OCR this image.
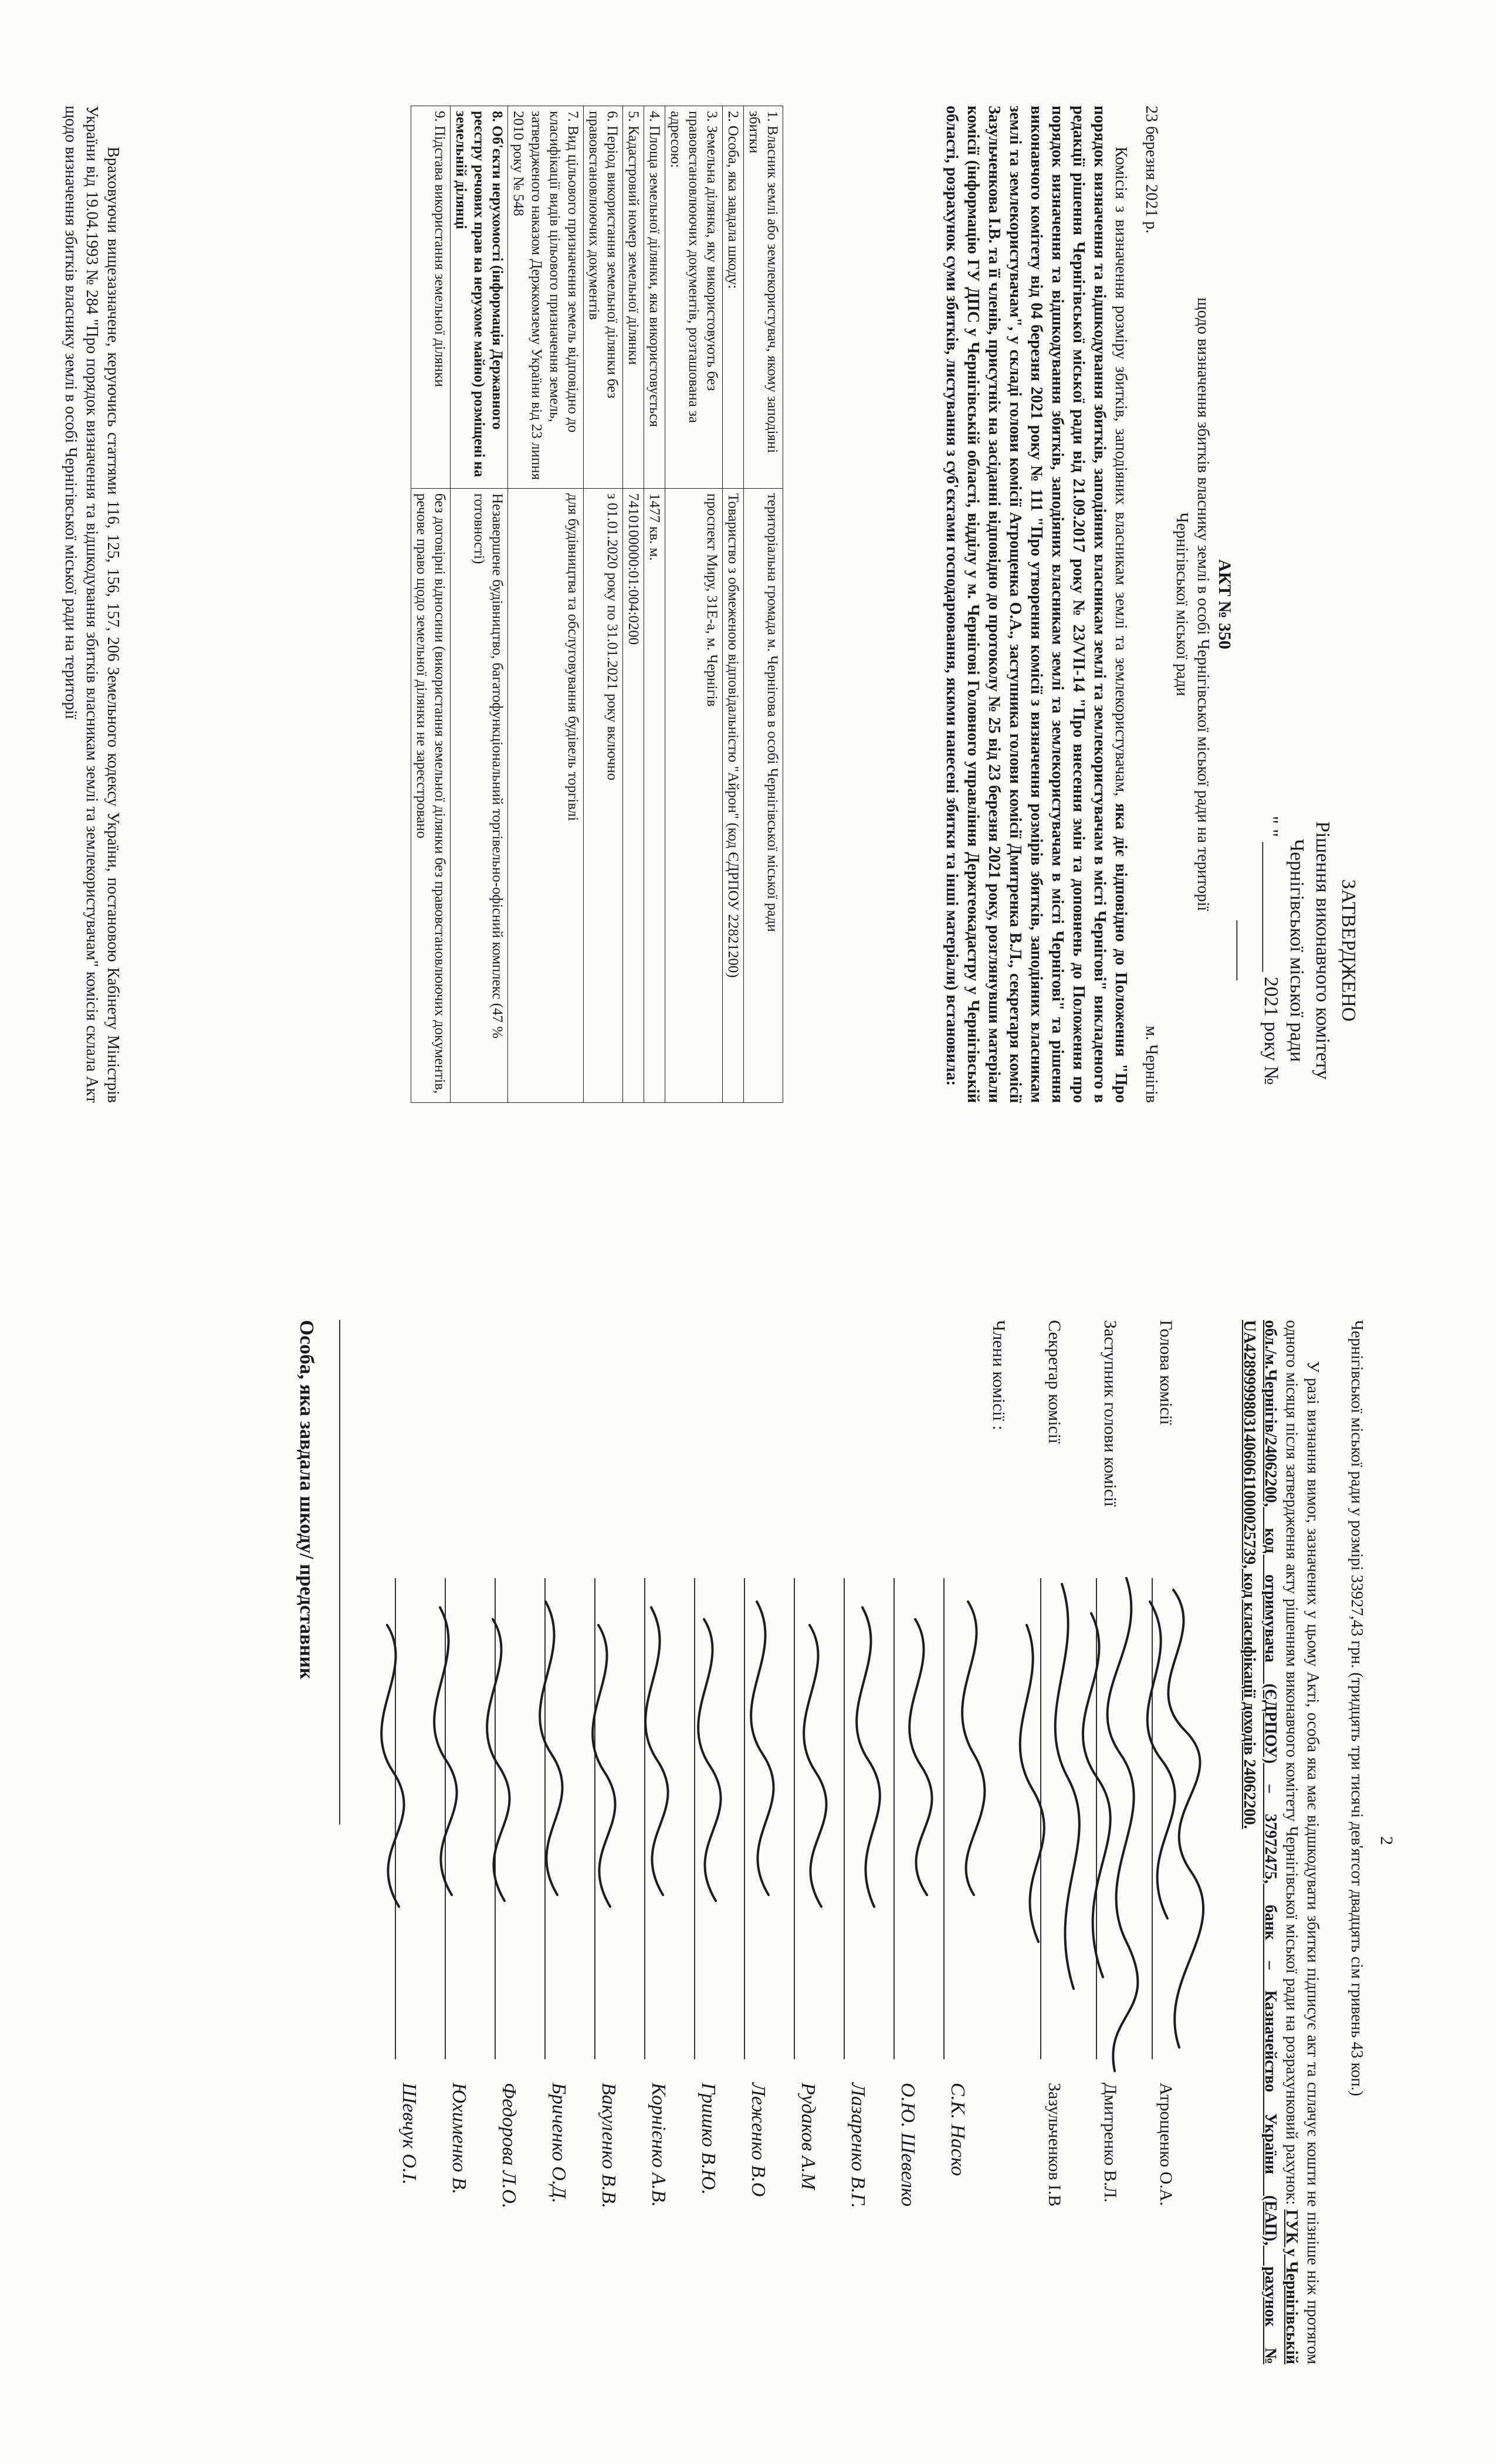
ЗАТВЕРДЖЕНО
Рішення виконавчого комітету
Чернігівської міської ради
" " _____________ 2021 року № ______
АКТ № 350
щодо визначення збитків власнику землі в особі Чернігівської міської ради на території
Чернігівської міської ради
23 березня 2021 р.
м. Чернігів
Комісія з визначення розміру збитків, заподіяних власникам землі та землекористувачам, яка діє відповідно до Положення "Про порядок визначення та відшкодування збитків, заподіяних власникам землі та землекористувачам в місті Чернігові" викладеного в редакції рішення Чернігівської міської ради від 21.09.2017 року № 23/VII-14 "Про внесення змін та доповнень до Положення про порядок визначення та відшкодування збитків, заподіяних власникам землі та землекористувачам в місті Чернігові" та рішення виконавчого комітету від 04 березня 2021 року № 111 "Про утворення комісії з визначення розмірів збитків, заподіяних власникам землі та землекористувачам", у складі голови комісії Атрощенка О.А., заступника голови комісії Дмитренка В.Л., секретаря комісії Зазульченкова І.В. та її членів, присутніх на засіданні відповідно до протоколу № 25 від 23 березня 2021 року, розглянувши матеріали комісії (інформацію ГУ ДПС у Чернігівській області, відділу у м. Чернігові Головного управління Держгеокадастру у Чернігівській області, розрахунок суми збитків, листування з суб'єктами господарювання, якими нанесені збитки та інші матеріали) встановила:
1. Власник землі або землекористувач, якому заподіяні збитки	територіальна громада м. Чернігова в особі Чернігівської міської ради
2. Особа, яка завдала шкоду:	Товариство з обмеженою відповідальністю "Айрон" (код ЄДРПОУ 22821200)
3. Земельна ділянка, яку використовують без правовстановлюючих документів, розташована за адресою:	проспект Миру, 31Е-а, м. Чернігів
4. Площа земельної ділянки, яка використовується	1477 кв. м.
5. Кадастровий номер земельної ділянки	7410100000:01:004:0200
6. Період використання земельної ділянки без правовстановлюючих документів	з 01.01.2020 року по 31.01.2021 року включно
7. Вид цільового призначення земель відповідно до класифікації видів цільового призначення земель, затвердженого наказом Держкомзему України від 23 липня 2010 року № 548	для будівництва та обслуговування будівель торгівлі
8. Об'єкти нерухомості (інформація Державного реєстру речових прав на нерухоме майно) розміщені на земельній ділянці	Незавершене будівництво, багатофункціональний торгівельно-офісний комплекс (47 % готовності)
9. Підстава використання земельної ділянки	без договірні відносини (використання земельної ділянки без правовстановлюючих документів, речове право щодо земельної ділянки не зареєстровано
Враховуючи вищезазначене, керуючись статтями 116, 125, 156, 157, 206 Земельного кодексу України, постановою Кабінету Міністрів України від 19.04.1993 № 284 "Про порядок визначення та відшкодування збитків власникам землі та землекористувачам" комісія склала Акт щодо визначення збитків власнику землі в особі Чернігівської міської ради на території
2
Чернігівської міської ради у розмірі 33927,43 грн. (тридцять три тисячі дев'ятсот двадцять сім гривень 43 коп.)
У разі визнання вимог, зазначених у цьому Акті, особа яка має відшкодувати збитки підписує акт та сплачує кошти не пізніше ніж протягом одного місяця після затвердження акту рішенням виконавчого комітету Чернігівської міської ради на розрахунковий рахунок: ГУК у Чернігівській обл./м.Чернігів/24062200, код отримувача (ЄДРПОУ) – 37972475, банк – Казначейство України (ЕАП), рахунок № UA428999980314060611000025739, код класифікації доходів 24062200.
Голова комісії
Атрощенко О.А.
Заступник голови комісії
Дмитренко В.Л.
Секретар комісії
Зазульченков І.В
Члени комісії :
С.К. Наско
О.Ю. Шевелко
Лазаренко В.Г.
Рудаков А.М
Леженко В.О
Гришко В.Ю.
Корнієнко А.В.
Вакуленко В.В.
Бриченко О.Д.
Федорова Л.О.
Юхименко В.
Шевчук О.І.
Особа, яка завдала шкоду/ представник
